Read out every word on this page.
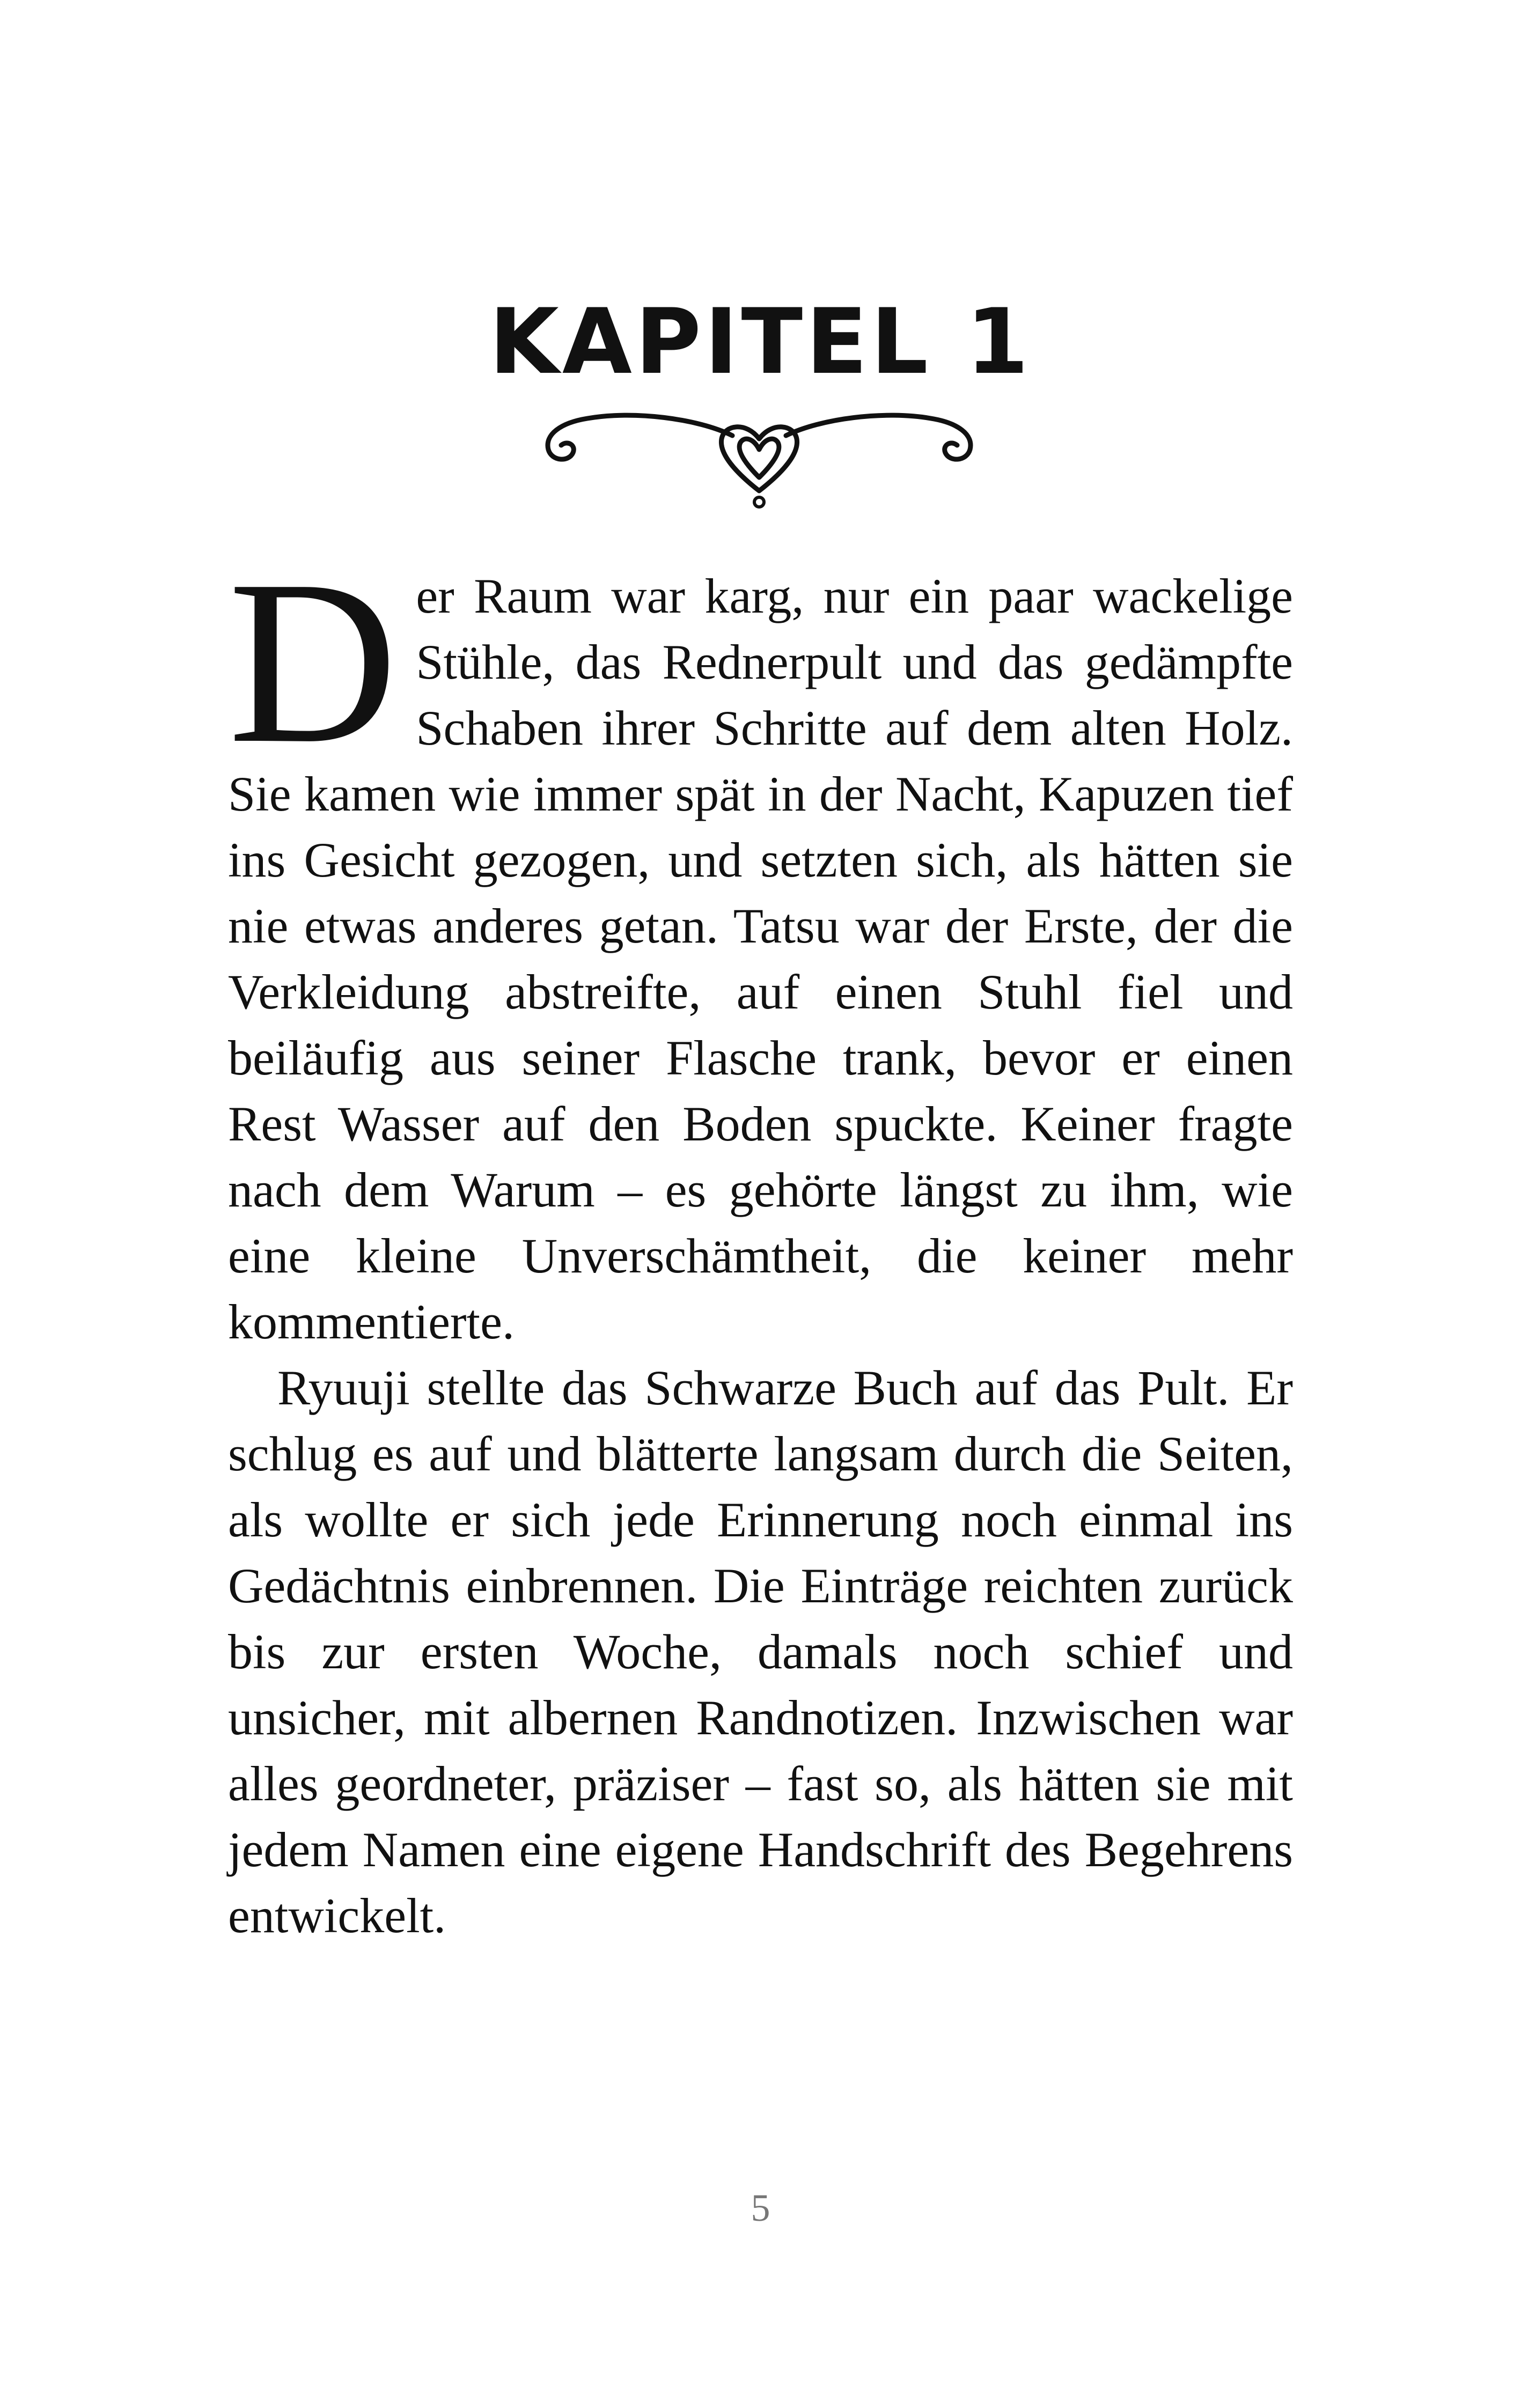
KAPITEL 1

Der Raum war karg, nur ein paar wackelige Stühle, das Rednerpult und das gedämpfte Schaben ihrer Schritte auf dem alten Holz. Sie kamen wie immer spät in der Nacht, Kapuzen tief ins Gesicht gezogen, und setzten sich, als hätten sie nie etwas anderes getan. Tatsu war der Erste, der die Verkleidung abstreifte, auf einen Stuhl fiel und beiläufig aus seiner Flasche trank, bevor er einen Rest Wasser auf den Boden spuckte. Keiner fragte nach dem Warum – es gehörte längst zu ihm, wie eine kleine Unverschämtheit, die keiner mehr kommentierte.

Ryuuji stellte das Schwarze Buch auf das Pult. Er schlug es auf und blätterte langsam durch die Seiten, als wollte er sich jede Erinnerung noch einmal ins Gedächtnis einbrennen. Die Einträge reichten zurück bis zur ersten Woche, damals noch schief und unsicher, mit albernen Randnotizen. Inzwischen war alles geordneter, präziser – fast so, als hätten sie mit jedem Namen eine eigene Handschrift des Begehrens entwickelt.

5
